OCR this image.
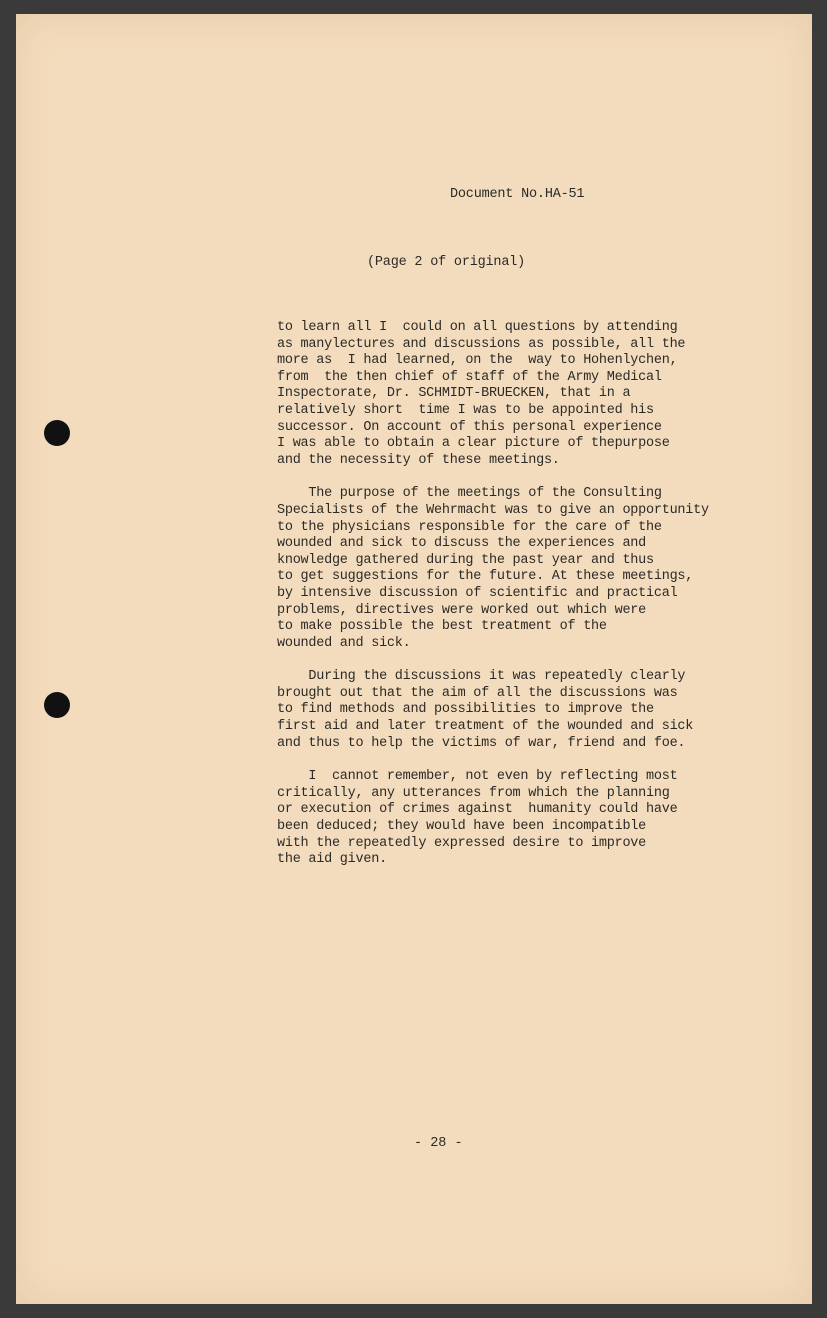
Document No.HA-51
(Page 2 of original)

to learn all I  could on all questions by attending
as manylectures and discussions as possible, all the
more as  I had learned, on the  way to Hohenlychen,
from  the then chief of staff of the Army Medical
Inspectorate, Dr. SCHMIDT-BRUECKEN, that in a
relatively short  time I was to be appointed his
successor. On account of this personal experience
I was able to obtain a clear picture of thepurpose
and the necessity of these meetings.

The purpose of the meetings of the Consulting
Specialists of the Wehrmacht was to give an opportunity
to the physicians responsible for the care of the
wounded and sick to discuss the experiences and
knowledge gathered during the past year and thus
to get suggestions for the future. At these meetings,
by intensive discussion of scientific and practical
problems, directives were worked out which were
to make possible the best treatment of the
wounded and sick.

During the discussions it was repeatedly clearly
brought out that the aim of all the discussions was
to find methods and possibilities to improve the
first aid and later treatment of the wounded and sick
and thus to help the victims of war, friend and foe.

I  cannot remember, not even by reflecting most
critically, any utterances from which the planning
or execution of crimes against  humanity could have
been deduced; they would have been incompatible
with the repeatedly expressed desire to improve
the aid given.

- 28 -
